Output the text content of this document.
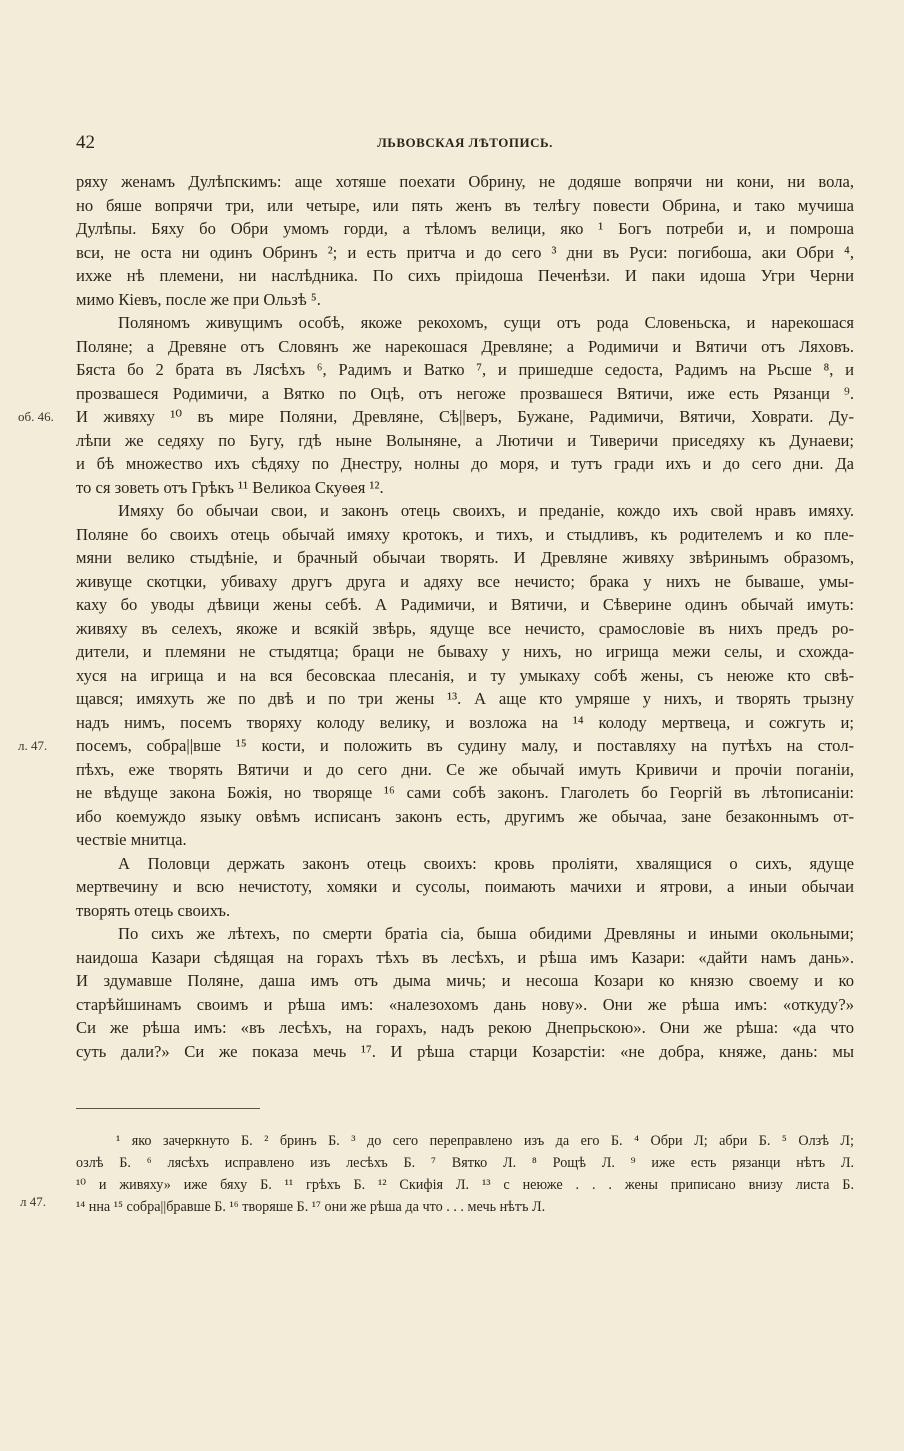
42	ЛЬВОВСКАЯ ЛѢТОПИСЬ.
ряху женамъ Дулѣпскимъ: аще хотяше поехати Обрину, не додяше вопрячи ни кони, ни вола,
но бяше вопрячи три, или четыре, или пять женъ въ телѣгу повести Обрина, и тако мучиша
Дулѣпы. Бяху бо Обри умомъ горди, а тѣломъ велици, яко ¹ Богъ потреби и, и помроша
вси, не оста ни одинъ Обринъ ²; и есть притча и до сего ³ дни въ Руси: погибоша, аки Обри ⁴,
ихже нѣ племени, ни наслѣдника. По сихъ пріидоша Печенѣзи. И паки идоша Угри Черни
мимо Кіевъ, после же при Ользѣ ⁵.
Поляномъ живущимъ особѣ, якоже рекохомъ, сущи отъ рода Словеньска, и нарекошася
Поляне; а Древяне отъ Словянъ же нарекошася Древляне; а Родимичи и Вятичи отъ Ляховъ.
Бяста бо 2 брата въ Лясѣхъ ⁶, Радимъ и Ватко ⁷, и пришедше седоста, Радимъ на Рьсше ⁸, и
прозвашеся Родимичи, а Вятко по Оцѣ, отъ негоже прозвашеся Вятичи, иже есть Рязанци ⁹.
И живяху ¹⁰ въ мире Поляни, Древляне, Сѣ||веръ, Бужане, Радимичи, Вятичи, Ховрати. Ду-
лѣпи же седяху по Бугу, гдѣ ныне Волыняне, а Лютичи и Тиверичи приседяху къ Дунаеви;
и бѣ множество ихъ сѣдяху по Днестру, нолны до моря, и тутъ гради ихъ и до сего дни. Да
то ся зоветь отъ Грѣкъ ¹¹ Великоа Скуѳея ¹².
Имяху бо обычаи свои, и законъ отець своихъ, и преданіе, кождо ихъ свой нравъ имяху.
Поляне бо своихъ отець обычай имяху кротокъ, и тихъ, и стыдливъ, къ родителемъ и ко пле-
мяни велико стыдѣніе, и брачный обычаи творять. И Древляне живяху звѣринымъ образомъ,
живуще скотцки, убиваху другъ друга и адяху все нечисто; брака у нихъ не бываше, умы-
каху бо уводы дѣвици жены себѣ. А Радимичи, и Вятичи, и Сѣверине одинъ обычай имуть:
живяху въ селехъ, якоже и всякій звѣрь, ядуще все нечисто, срамословіе въ нихъ предъ ро-
дители, и племяни не стыдятца; браци не бываху у нихъ, но игрища межи селы, и схожда-
хуся на игрища и на вся бесовскаа плесанія, и ту умыкаху собѣ жены, съ неюже кто свѣ-
щався; имяхуть же по двѣ и по три жены ¹³. А аще кто умряше у нихъ, и творять трызну
надъ нимъ, посемъ творяху колоду велику, и возложа на ¹⁴ колоду мертвеца, и сожгуть и;
посемъ, собра||вше ¹⁵ кости, и положить въ судину малу, и поставляху на путѣхъ на стол-
пѣхъ, еже творять Вятичи и до сего дни. Се же обычай имуть Кривичи и прочіи поганіи,
не вѣдуще закона Божія, но творяще ¹⁶ сами собѣ законъ. Глаголеть бо Георгій въ лѣтописаніи:
ибо коемуждо языку овѣмъ исписанъ законъ есть, другимъ же обычаа, зане безаконнымъ от-
чествіе мнитца.
А Половци держать законъ отець своихъ: кровь проліяти, хвалящися о сихъ, ядуще
мертвечину и всю нечистоту, хомяки и сусолы, поимають мачихи и ятрови, а иныи обычаи
творять отець своихъ.
По сихъ же лѣтехъ, по смерти братіа сіа, быша обидими Древляны и иными окольными;
наидоша Казари сѣдящая на горахъ тѣхъ въ лесѣхъ, и рѣша имъ Казари: «дайти намъ дань».
И здумавше Поляне, даша имъ отъ дыма мичь; и несоша Козари ко князю своему и ко
старѣйшинамъ своимъ и рѣша имъ: «налезохомъ дань нову». Они же рѣша имъ: «откуду?»
Си же рѣша имъ: «въ лесѣхъ, на горахъ, надъ рекою Днепрьскою». Они же рѣша: «да что
суть дали?» Си же показа мечь ¹⁷. И рѣша старци Козарстіи: «не добра, княже, дань: мы
об. 46.
л. 47.
¹ яко зачеркнуто Б. ² бринъ Б. ³ до сего переправлено изъ да его Б. ⁴ Обри Л; абри Б. ⁵ Олзѣ Л;
озлѣ Б. ⁶ лясѣхъ исправлено изъ лесѣхъ Б. ⁷ Вятко Л. ⁸ Рощѣ Л. ⁹ иже есть рязанци нѣтъ Л.
¹⁰ и живяху» иже бяху Б. ¹¹ грѣхъ Б. ¹² Скифія Л. ¹³ с неюже . . . жены приписано внизу листа Б.
¹⁴ нна ¹⁵ собра||бравше Б. ¹⁶ творяше Б. ¹⁷ они же рѣша да что . . . мечь нѣтъ Л.
л 47.
